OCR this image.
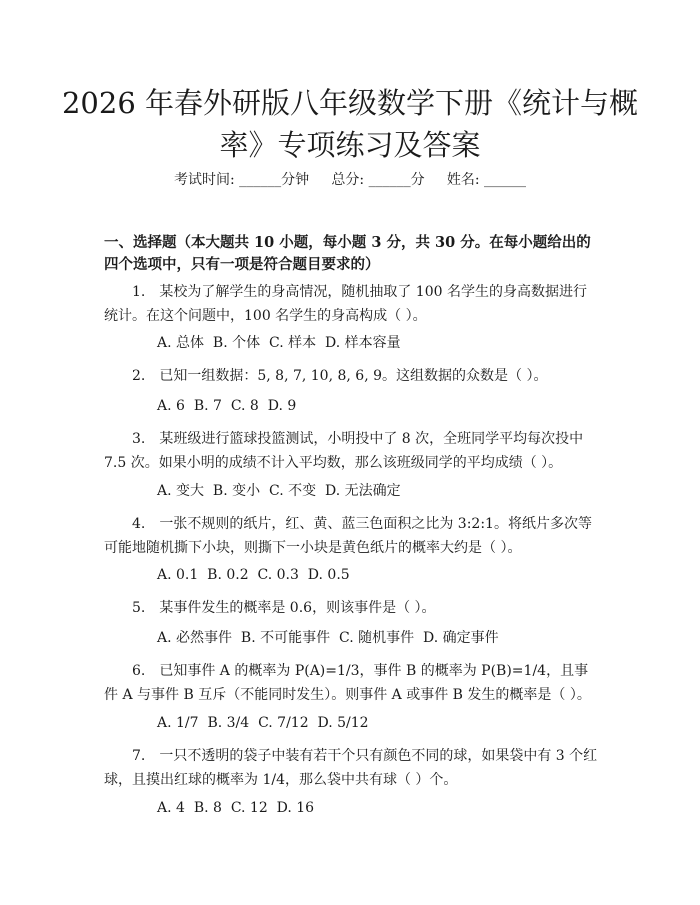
2026 年春外研版八年级数学下册《统计与概
率》专项练习及答案
考试时间: ______分钟     总分: ______分     姓名: ______

一、选择题（本大题共 10 小题，每小题 3 分，共 30 分。在每小题给出的四个选项中，只有一项是符合题目要求的）

1.　某校为了解学生的身高情况，随机抽取了 100 名学生的身高数据进行统计。在这个问题中，100 名学生的身高构成（ ）。

A. 总体  B. 个体  C. 样本  D. 样本容量

2.　已知一组数据：5, 8, 7, 10, 8, 6, 9。这组数据的众数是（ ）。

A. 6  B. 7  C. 8  D. 9

3.　某班级进行篮球投篮测试，小明投中了 8 次，全班同学平均每次投中 7.5 次。如果小明的成绩不计入平均数，那么该班级同学的平均成绩（ ）。

A. 变大  B. 变小  C. 不变  D. 无法确定

4.　一张不规则的纸片，红、黄、蓝三色面积之比为 3:2:1。将纸片多次等可能地随机撕下小块，则撕下一小块是黄色纸片的概率大约是（ ）。

A. 0.1  B. 0.2  C. 0.3  D. 0.5

5.　某事件发生的概率是 0.6，则该事件是（ ）。

A. 必然事件  B. 不可能事件  C. 随机事件  D. 确定事件

6.　已知事件 A 的概率为 P(A)=1/3，事件 B 的概率为 P(B)=1/4，且事件 A 与事件 B 互斥（不能同时发生）。则事件 A 或事件 B 发生的概率是（ ）。

A. 1/7  B. 3/4  C. 7/12  D. 5/12

7.　一只不透明的袋子中装有若干个只有颜色不同的球，如果袋中有 3 个红球，且摸出红球的概率为 1/4，那么袋中共有球（ ）个。

A. 4  B. 8  C. 12  D. 16
